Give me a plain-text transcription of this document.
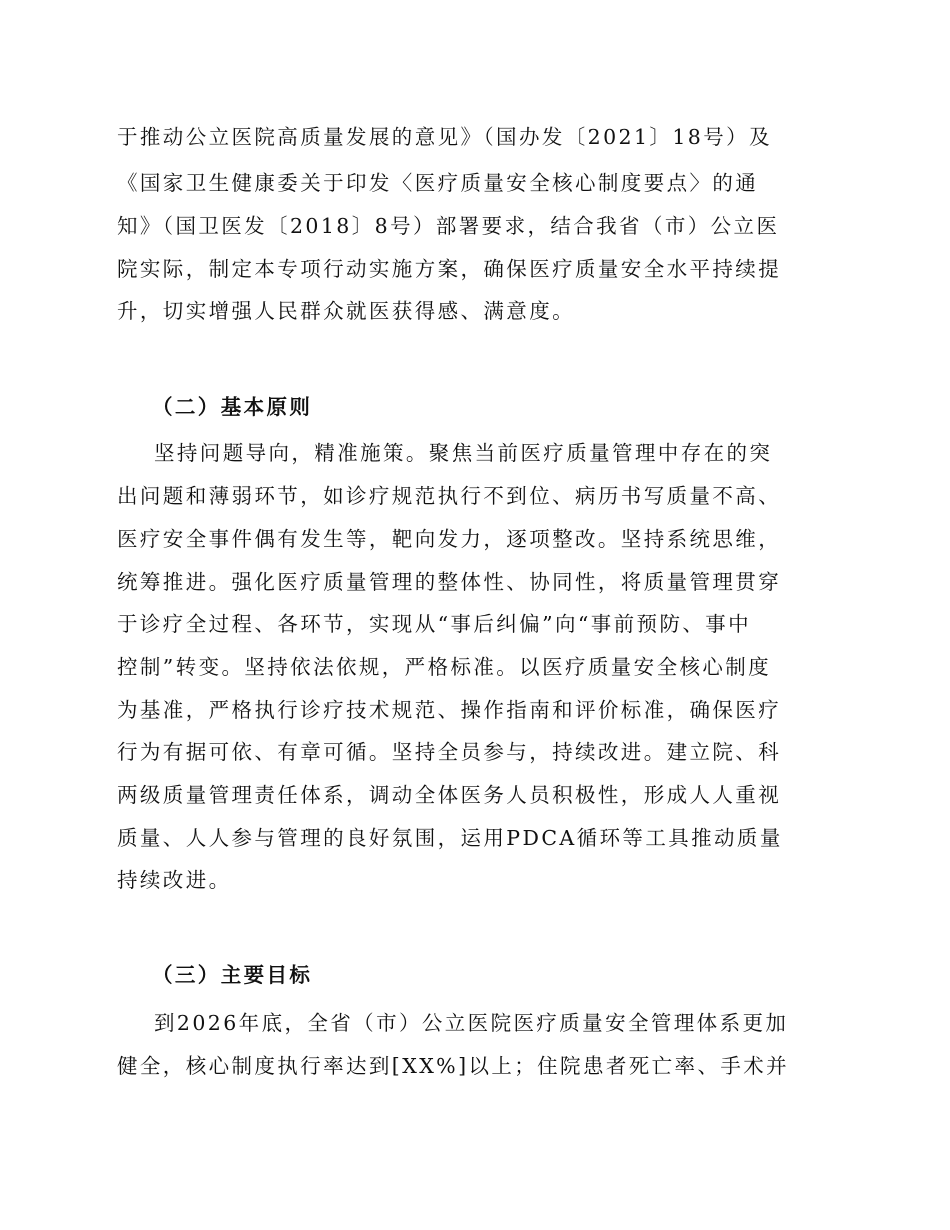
于推动公立医院高质量发展的意见》（国办发〔2021〕18号）及
《国家卫生健康委关于印发〈医疗质量安全核心制度要点〉的通
知》（国卫医发〔2018〕8号）部署要求，结合我省（市）公立医
院实际，制定本专项行动实施方案，确保医疗质量安全水平持续提
升，切实增强人民群众就医获得感、满意度。
（二）基本原则
坚持问题导向，精准施策。聚焦当前医疗质量管理中存在的突
出问题和薄弱环节，如诊疗规范执行不到位、病历书写质量不高、
医疗安全事件偶有发生等，靶向发力，逐项整改。坚持系统思维，
统筹推进。强化医疗质量管理的整体性、协同性，将质量管理贯穿
于诊疗全过程、各环节，实现从“事后纠偏”向“事前预防、事中
控制”转变。坚持依法依规，严格标准。以医疗质量安全核心制度
为基准，严格执行诊疗技术规范、操作指南和评价标准，确保医疗
行为有据可依、有章可循。坚持全员参与，持续改进。建立院、科
两级质量管理责任体系，调动全体医务人员积极性，形成人人重视
质量、人人参与管理的良好氛围，运用PDCA循环等工具推动质量
持续改进。
（三）主要目标
到2026年底，全省（市）公立医院医疗质量安全管理体系更加
健全，核心制度执行率达到[XX%]以上；住院患者死亡率、手术并
